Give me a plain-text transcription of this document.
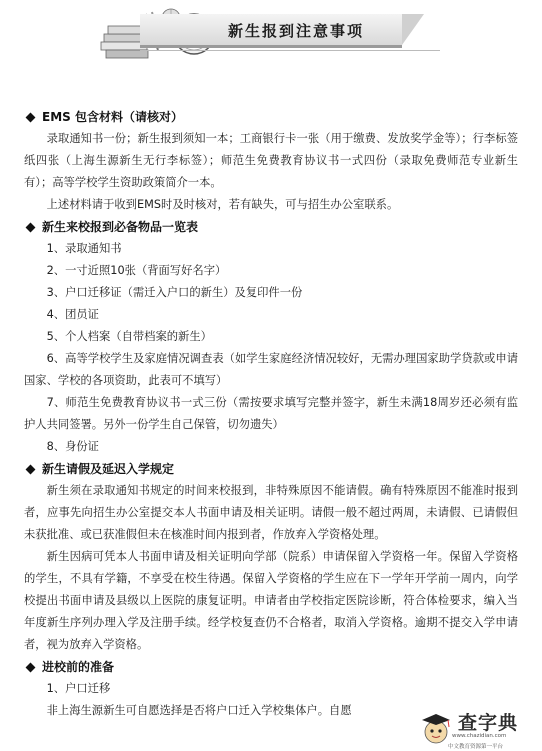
新生报到注意事项
EMS 包含材料（请核对）

录取通知书一份；新生报到须知一本；工商银行卡一张（用于缴费、发放奖学金等）；行李标签纸四张（上海生源新生无行李标签）；师范生免费教育协议书一式四份（录取免费师范专业新生有）；高等学校学生资助政策简介一本。

上述材料请于收到EMS时及时核对，若有缺失，可与招生办公室联系。

新生来校报到必备物品一览表

1、录取通知书

2、一寸近照10张（背面写好名字）

3、户口迁移证（需迁入户口的新生）及复印件一份

4、团员证

5、个人档案（自带档案的新生）

6、高等学校学生及家庭情况调查表（如学生家庭经济情况较好，无需办理国家助学贷款或申请国家、学校的各项资助，此表可不填写）

7、师范生免费教育协议书一式三份（需按要求填写完整并签字，新生未满18周岁还必须有监护人共同签署。另外一份学生自己保管，切勿遗失）

8、身份证

新生请假及延迟入学规定

新生须在录取通知书规定的时间来校报到，非特殊原因不能请假。确有特殊原因不能准时报到者，应事先向招生办公室提交本人书面申请及相关证明。请假一般不超过两周，未请假、已请假但未获批准、或已获准假但未在核准时间内报到者，作放弃入学资格处理。

新生因病可凭本人书面申请及相关证明向学部（院系）申请保留入学资格一年。保留入学资格的学生，不具有学籍，不享受在校生待遇。保留入学资格的学生应在下一学年开学前一周内，向学校提出书面申请及县级以上医院的康复证明。申请者由学校指定医院诊断，符合体检要求，编入当年度新生序列办理入学及注册手续。经学校复查仍不合格者，取消入学资格。逾期不提交入学申请者，视为放弃入学资格。

进校前的准备

1、户口迁移

非上海生源新生可自愿选择是否将户口迁入学校集体户。自愿

查字典
www.chazidian.com
中文教育资源第一平台
